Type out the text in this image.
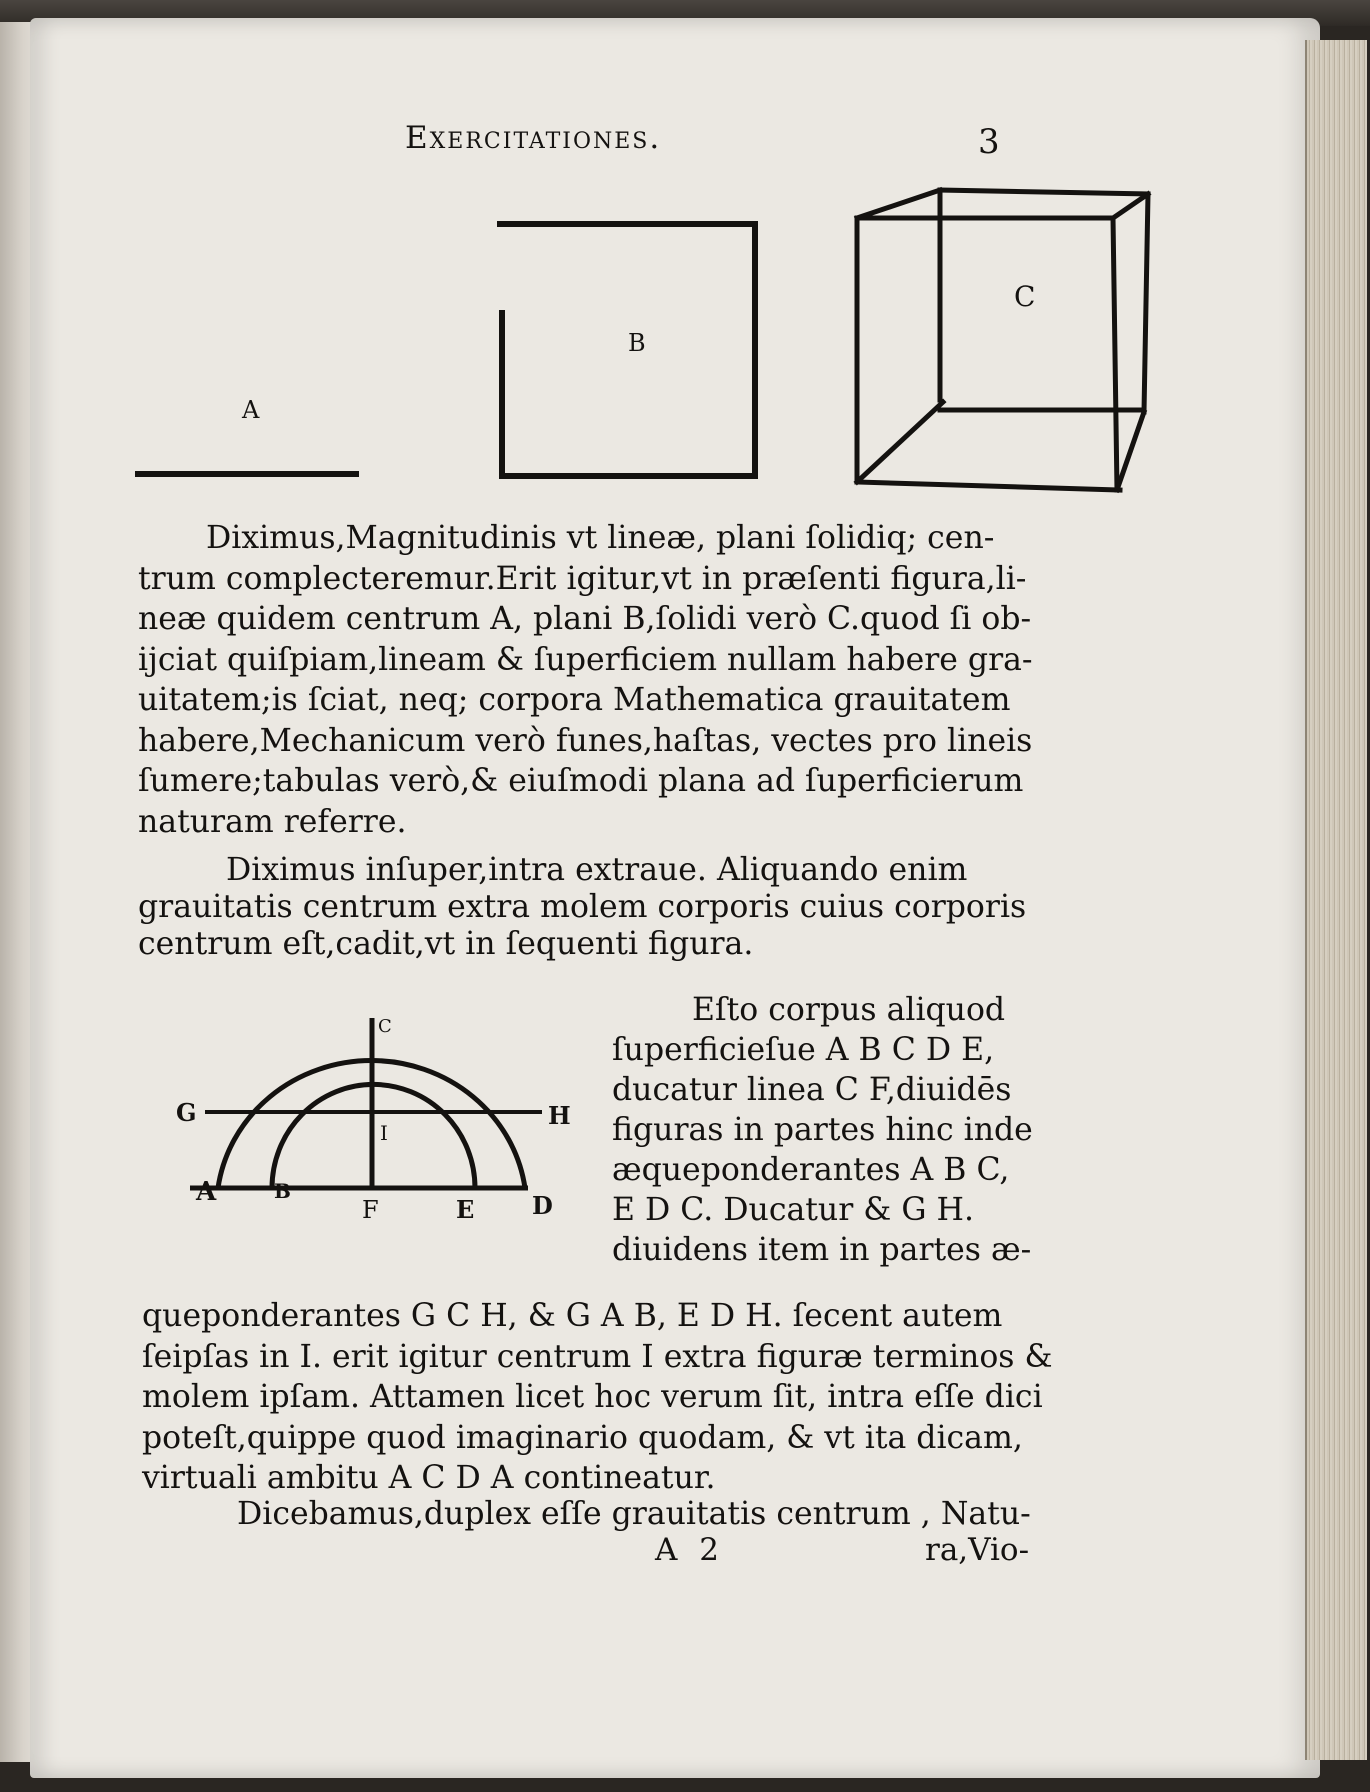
Exercitationes.	3
A
B
C

Diximus,Magnitudinis vt lineæ, plani ſolidiq; cen-

trum complecteremur.Erit igitur,vt in præſenti figura,li-

neæ quidem centrum A, plani B,ſolidi verò C.quod ſi ob-

ijciat quiſpiam,lineam & ſuperficiem nullam habere gra-

uitatem;is ſciat, neq; corpora Mathematica grauitatem

habere,Mechanicum verò funes,haſtas, vectes pro lineis

ſumere;tabulas verò,& eiuſmodi plana ad ſuperficierum

naturam referre.

Diximus inſuper,intra extraue. Aliquando enim

grauitatis centrum extra molem corporis cuius corporis

centrum eſt,cadit,vt in ſequenti figura.

C
G	H
I
A	B
F	E D

Eſto corpus aliquod

ſuperficieſue A B C D E,

ducatur linea C F,diuidēs

figuras in partes hinc inde

æqueponderantes A B C,

E D C. Ducatur & G H.

diuidens item in partes æ-

queponderantes G C H, & G A B, E D H. ſecent autem

ſeipſas in I. erit igitur centrum I extra figuræ terminos &

molem ipſam. Attamen licet hoc verum ſit, intra eſſe dici

poteſt,quippe quod imaginario quodam, & vt ita dicam,

virtuali ambitu A C D A contineatur.

Dicebamus,duplex eſſe grauitatis centrum , Natu-
A 2	ra,Vio-
